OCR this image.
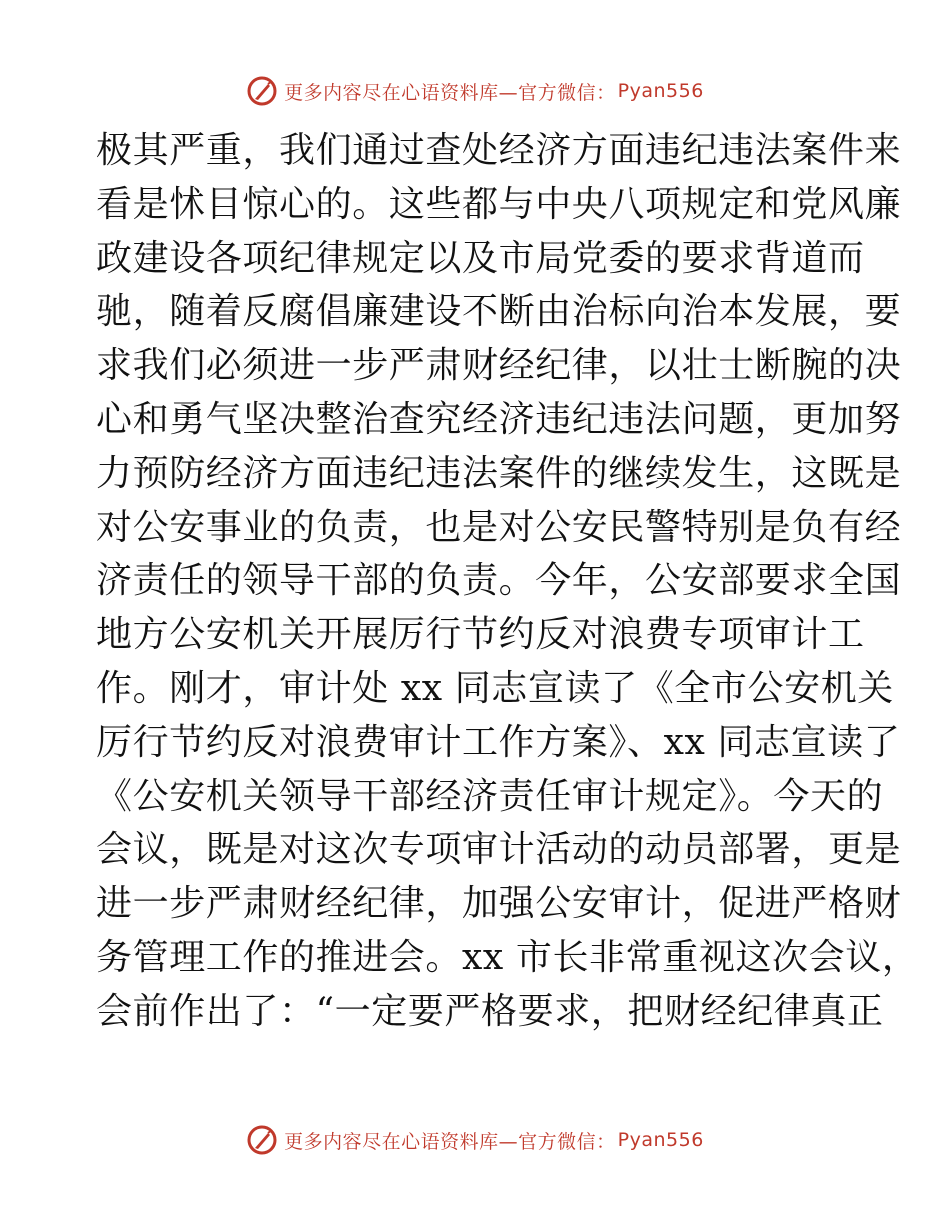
更多内容尽在心语资料库—官方微信： Pyan556
极其严重，我们通过查处经济方面违纪违法案件来
看是怵目惊心的。这些都与中央八项规定和党风廉
政建设各项纪律规定以及市局党委的要求背道而
驰，随着反腐倡廉建设不断由治标向治本发展，要
求我们必须进一步严肃财经纪律，以壮士断腕的决
心和勇气坚决整治查究经济违纪违法问题，更加努
力预防经济方面违纪违法案件的继续发生，这既是
对公安事业的负责，也是对公安民警特别是负有经
济责任的领导干部的负责。今年，公安部要求全国
地方公安机关开展厉行节约反对浪费专项审计工
作。刚才，审计处 xx 同志宣读了《全市公安机关
厉行节约反对浪费审计工作方案》、xx 同志宣读了
《公安机关领导干部经济责任审计规定》。今天的
会议，既是对这次专项审计活动的动员部署，更是
进一步严肃财经纪律，加强公安审计，促进严格财
务管理工作的推进会。xx 市长非常重视这次会议，
会前作出了：“一定要严格要求，把财经纪律真正
更多内容尽在心语资料库—官方微信： Pyan556
